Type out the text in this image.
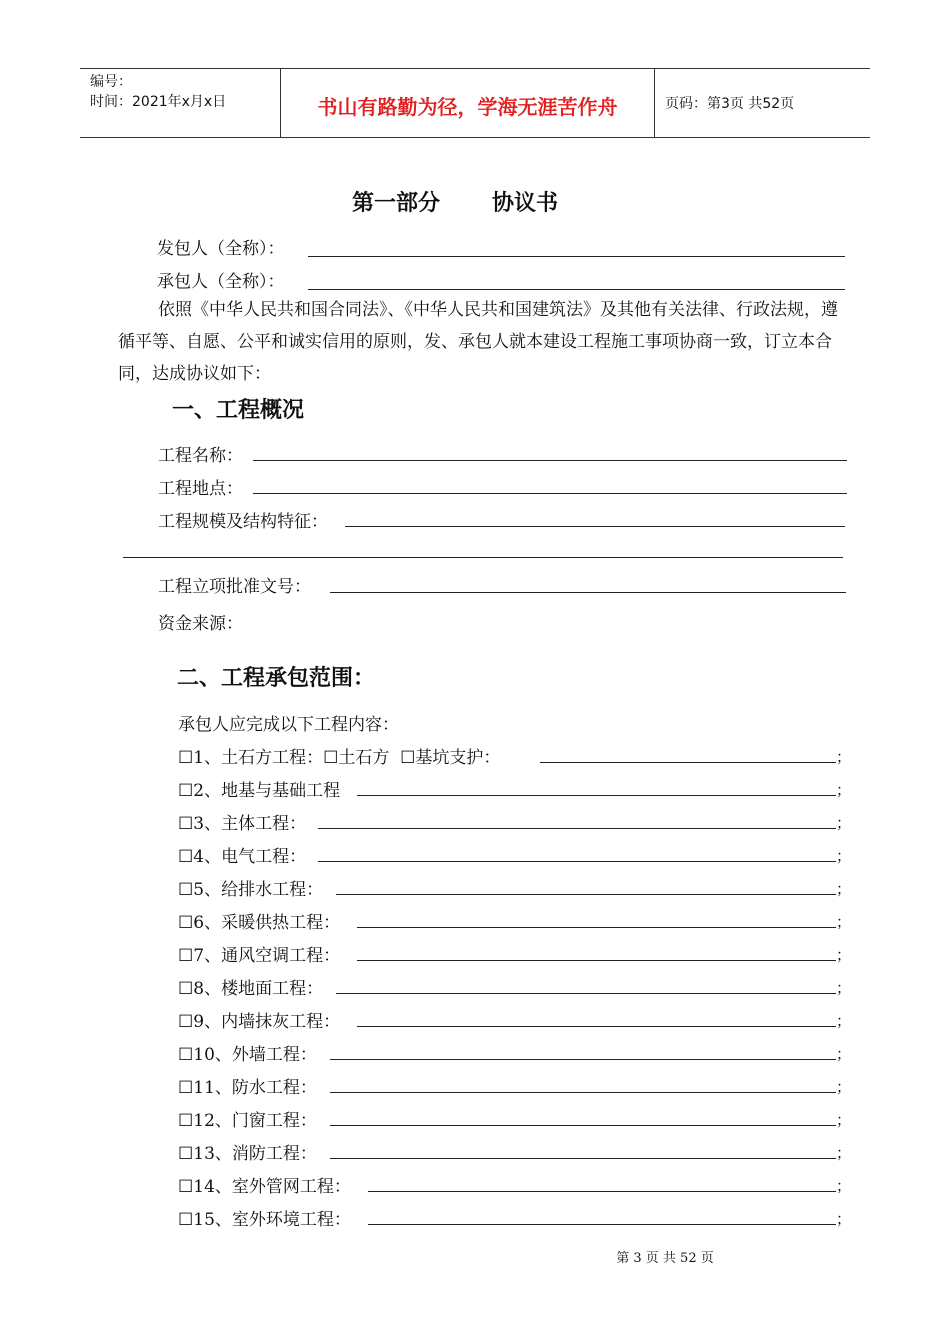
编号：
时间：2021年x月x日	书山有路勤为径，学海无涯苦作舟	页码：第3页 共52页
第一部分 协议书
发包人（全称）：
承包人（全称）：
依照《中华人民共和国合同法》、《中华人民共和国建筑法》及其他有关法律、行政法规，遵循平等、自愿、公平和诚实信用的原则，发、承包人就本建设工程施工事项协商一致，订立本合同，达成协议如下：
一、工程概况
工程名称：
工程地点：
工程规模及结构特征：
工程立项批准文号：
资金来源：
二、工程承包范围：
承包人应完成以下工程内容：
☐1、土石方工程：☐土石方 ☐基坑支护：	；
☐2、地基与基础工程	；
☐3、主体工程：	；
☐4、电气工程：	；
☐5、给排水工程：	；
☐6、采暖供热工程：	；
☐7、通风空调工程：	；
☐8、楼地面工程：	；
☐9、内墙抹灰工程：	；
☐10、外墙工程：	；
☐11、防水工程：	；
☐12、门窗工程：	；
☐13、消防工程：	；
☐14、室外管网工程：	；
☐15、室外环境工程：	；
第 3 页 共 52 页
